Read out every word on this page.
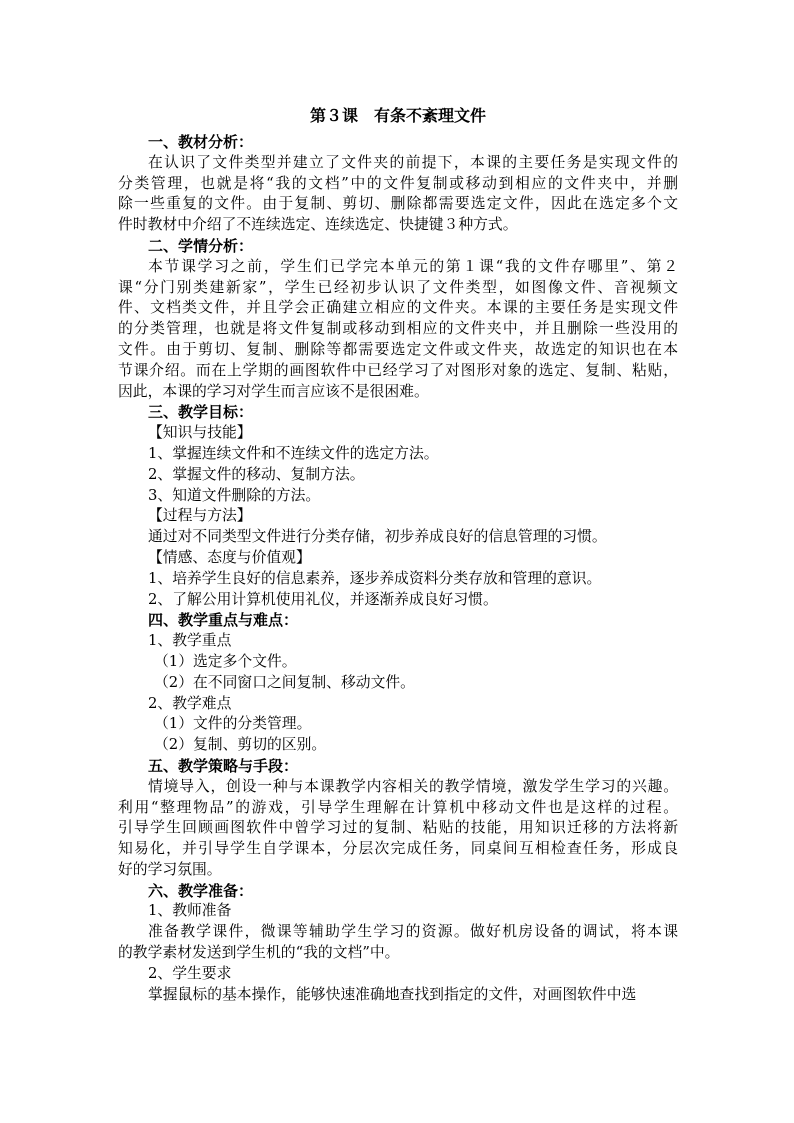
第３课　有条不紊理文件
一、教材分析：
在认识了文件类型并建立了文件夹的前提下，本课的主要任务是实现文件的
分类管理，也就是将“我的文档”中的文件复制或移动到相应的文件夹中，并删
除一些重复的文件。由于复制、剪切、删除都需要选定文件，因此在选定多个文
件时教材中介绍了不连续选定、连续选定、快捷键３种方式。
二、学情分析：
本节课学习之前，学生们已学完本单元的第１课“我的文件存哪里”、第２
课“分门别类建新家”，学生已经初步认识了文件类型，如图像文件、音视频文
件、文档类文件，并且学会正确建立相应的文件夹。本课的主要任务是实现文件
的分类管理，也就是将文件复制或移动到相应的文件夹中，并且删除一些没用的
文件。由于剪切、复制、删除等都需要选定文件或文件夹，故选定的知识也在本
节课介绍。而在上学期的画图软件中已经学习了对图形对象的选定、复制、粘贴，
因此，本课的学习对学生而言应该不是很困难。
三、教学目标：
【知识与技能】
1、掌握连续文件和不连续文件的选定方法。
2、掌握文件的移动、复制方法。
3、知道文件删除的方法。
【过程与方法】
通过对不同类型文件进行分类存储，初步养成良好的信息管理的习惯。
【情感、态度与价值观】
1、培养学生良好的信息素养，逐步养成资料分类存放和管理的意识。
2、了解公用计算机使用礼仪，并逐渐养成良好习惯。
四、教学重点与难点：
1、教学重点
（1）选定多个文件。
（2）在不同窗口之间复制、移动文件。
2、教学难点
（1）文件的分类管理。
（2）复制、剪切的区别。
五、教学策略与手段：
情境导入，创设一种与本课教学内容相关的教学情境，激发学生学习的兴趣。
利用“整理物品”的游戏，引导学生理解在计算机中移动文件也是这样的过程。
引导学生回顾画图软件中曾学习过的复制、粘贴的技能，用知识迁移的方法将新
知易化，并引导学生自学课本，分层次完成任务，同桌间互相检查任务，形成良
好的学习氛围。
六、教学准备：
1、教师准备
准备教学课件，微课等辅助学生学习的资源。做好机房设备的调试，将本课
的教学素材发送到学生机的“我的文档”中。
2、学生要求
掌握鼠标的基本操作，能够快速准确地查找到指定的文件，对画图软件中选
